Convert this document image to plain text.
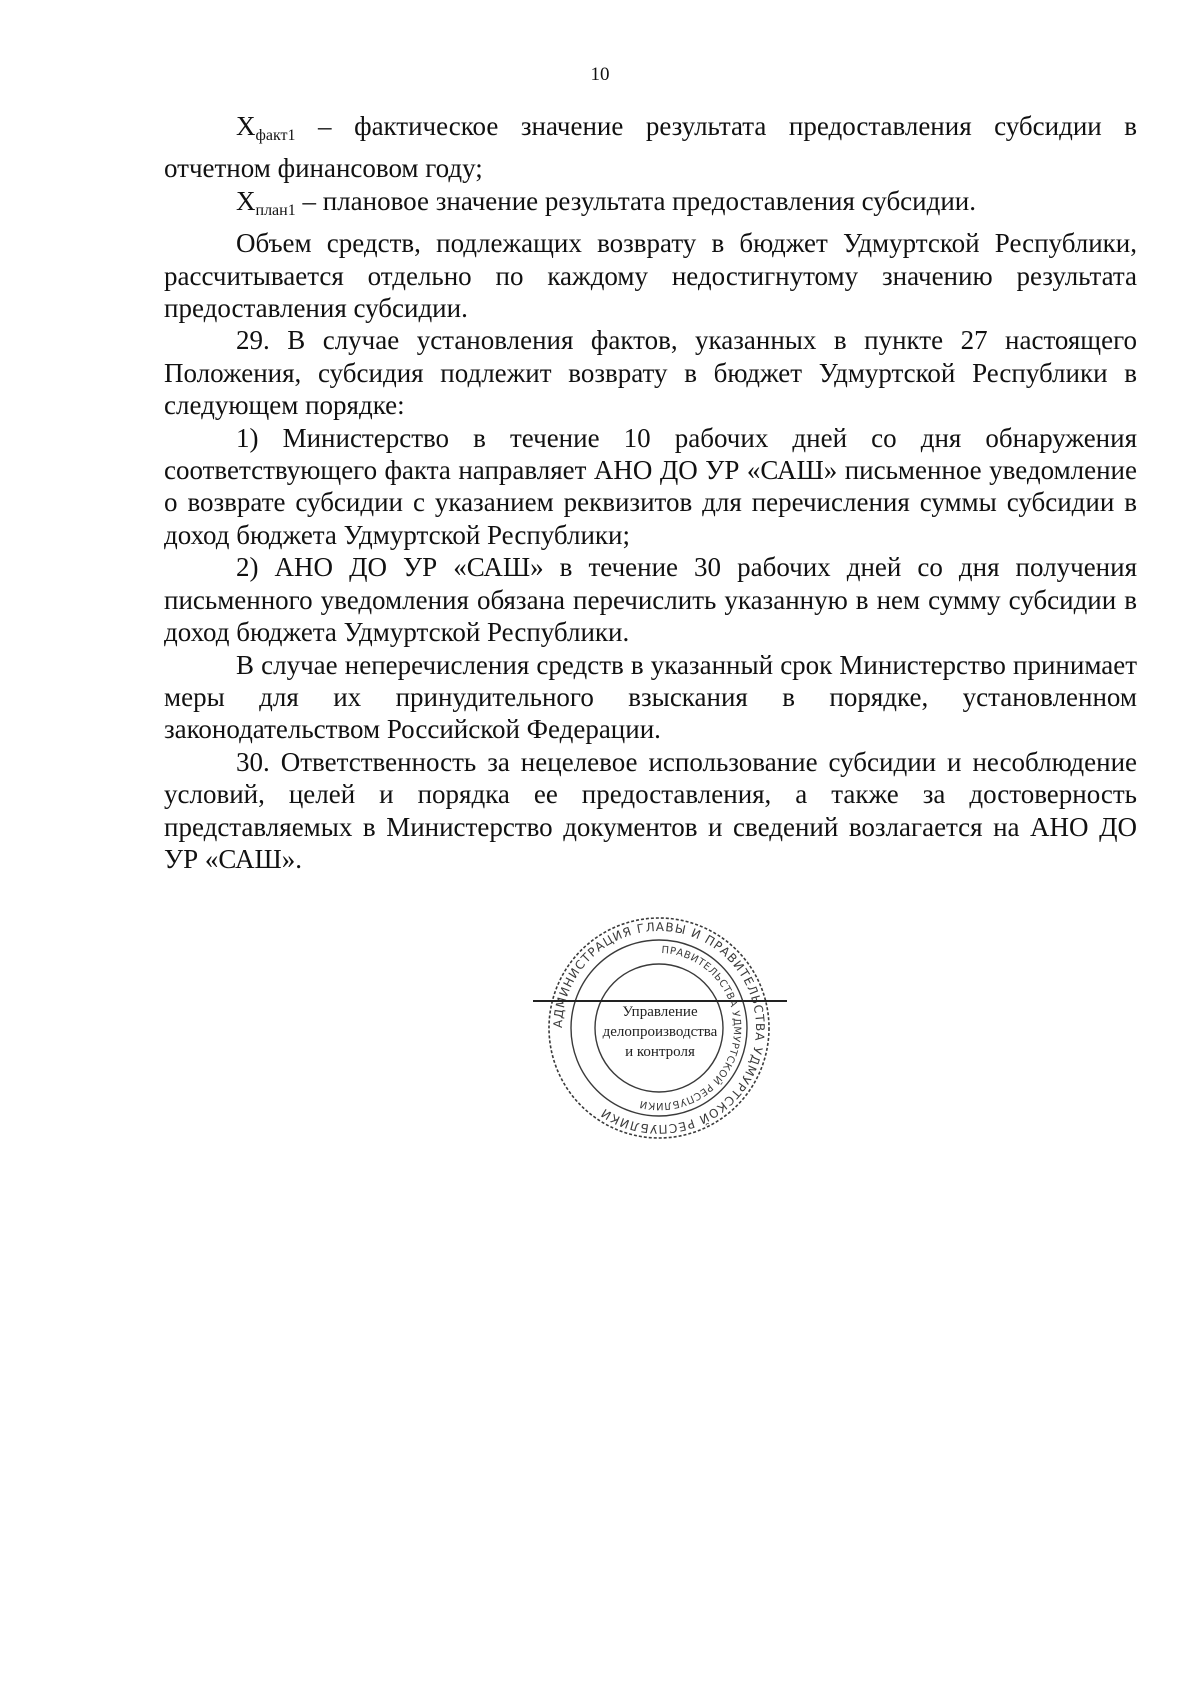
10

Xфакт1 – фактическое значение результата предоставления субсидии в отчетном финансовом году;

Xплан1 – плановое значение результата предоставления субсидии.

Объем средств, подлежащих возврату в бюджет Удмуртской Республики, рассчитывается отдельно по каждому недостигнутому значению результата предоставления субсидии.

29. В случае установления фактов, указанных в пункте 27 настоящего Положения, субсидия подлежит возврату в бюджет Удмуртской Республики в следующем порядке:

1) Министерство в течение 10 рабочих дней со дня обнаружения соответствующего факта направляет АНО ДО УР «САШ» письменное уведомление о возврате субсидии с указанием реквизитов для перечисления суммы субсидии в доход бюджета Удмуртской Республики;

2) АНО ДО УР «САШ» в течение 30 рабочих дней со дня получения письменного уведомления обязана перечислить указанную в нем сумму субсидии в доход бюджета Удмуртской Республики.

В случае неперечисления средств в указанный срок Министерство принимает меры для их принудительного взыскания в порядке, установленном законодательством Российской Федерации.

30. Ответственность за нецелевое использование субсидии и несоблюдение условий, целей и порядка ее предоставления, а также за достоверность представляемых в Министерство документов и сведений возлагается на АНО ДО УР «САШ».

АДМИНИСТРАЦИЯ ГЛАВЫ И ПРАВИТЕЛЬСТВА УДМУРТСКОЙ РЕСПУБЛИКИ
ПРАВИТЕЛЬСТВА УДМУРТСКОЙ РЕСПУБЛИКИ
Управление
делопроизводства
и контроля
